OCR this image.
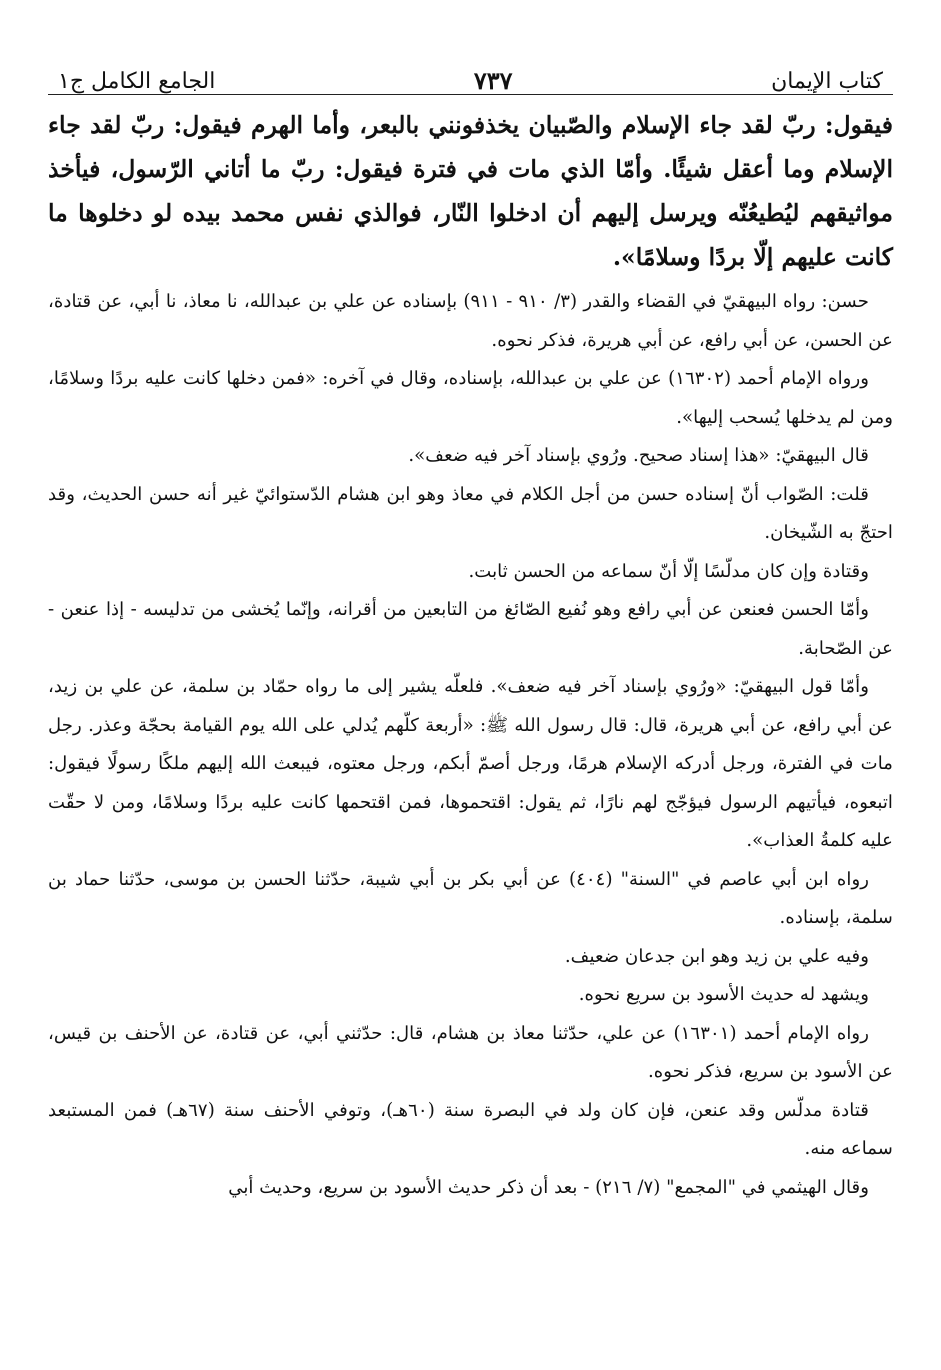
كتاب الإيمان
٧٣٧
الجامع الكامل ج١

فيقول: ربّ لقد جاء الإسلام والصّبيان يخذفونني بالبعر، وأما الهرم فيقول: ربّ لقد جاء الإسلام وما أعقل شيئًا. وأمّا الذي مات في فترة فيقول: ربّ ما أتاني الرّسول، فيأخذ مواثيقهم ليُطيعُنّه ويرسل إليهم أن ادخلوا النّار، فوالذي نفس محمد بيده لو دخلوها ما كانت عليهم إلّا بردًا وسلامًا».

حسن: رواه البيهقيّ في القضاء والقدر (٣/ ٩١٠ - ٩١١) بإسناده عن علي بن عبدالله، نا معاذ، نا أبي، عن قتادة، عن الحسن، عن أبي رافع، عن أبي هريرة، فذكر نحوه.

ورواه الإمام أحمد (١٦٣٠٢) عن علي بن عبدالله، بإسناده، وقال في آخره: «فمن دخلها كانت عليه بردًا وسلامًا، ومن لم يدخلها يُسحب إليها».

قال البيهقيّ: «هذا إسناد صحيح. ورُوي بإسناد آخر فيه ضعف».

قلت: الصّواب أنّ إسناده حسن من أجل الكلام في معاذ وهو ابن هشام الدّستوائيّ غير أنه حسن الحديث، وقد احتجّ به الشّيخان.

وقتادة وإن كان مدلّسًا إلّا أنّ سماعه من الحسن ثابت.

وأمّا الحسن فعنعن عن أبي رافع وهو نُفيع الصّائغ من التابعين من أقرانه، وإنّما يُخشى من تدليسه - إذا عنعن - عن الصّحابة.

وأمّا قول البيهقيّ: «ورُوي بإسناد آخر فيه ضعف». فلعلّه يشير إلى ما رواه حمّاد بن سلمة، عن علي بن زيد، عن أبي رافع، عن أبي هريرة، قال: قال رسول الله ﷺ: «أربعة كلّهم يُدلي على الله يوم القيامة بحجّة وعذر. رجل مات في الفترة، ورجل أدركه الإسلام هرمًا، ورجل أصمّ أبكم، ورجل معتوه، فيبعث الله إليهم ملكًا رسولًا فيقول: اتبعوه، فيأتيهم الرسول فيؤجّج لهم نارًا، ثم يقول: اقتحموها، فمن اقتحمها كانت عليه بردًا وسلامًا، ومن لا حقّت عليه كلمةُ العذاب».

رواه ابن أبي عاصم في "السنة" (٤٠٤) عن أبي بكر بن أبي شيبة، حدّثنا الحسن بن موسى، حدّثنا حماد بن سلمة، بإسناده.

وفيه علي بن زيد وهو ابن جدعان ضعيف.

ويشهد له حديث الأسود بن سريع نحوه.

رواه الإمام أحمد (١٦٣٠١) عن علي، حدّثنا معاذ بن هشام، قال: حدّثني أبي، عن قتادة، عن الأحنف بن قيس، عن الأسود بن سريع، فذكر نحوه.

قتادة مدلّس وقد عنعن، فإن كان ولد في البصرة سنة (٦٠هـ)، وتوفي الأحنف سنة (٦٧هـ) فمن المستبعد سماعه منه.

وقال الهيثمي في "المجمع" (٧/ ٢١٦) - بعد أن ذكر حديث الأسود بن سريع، وحديث أبي
